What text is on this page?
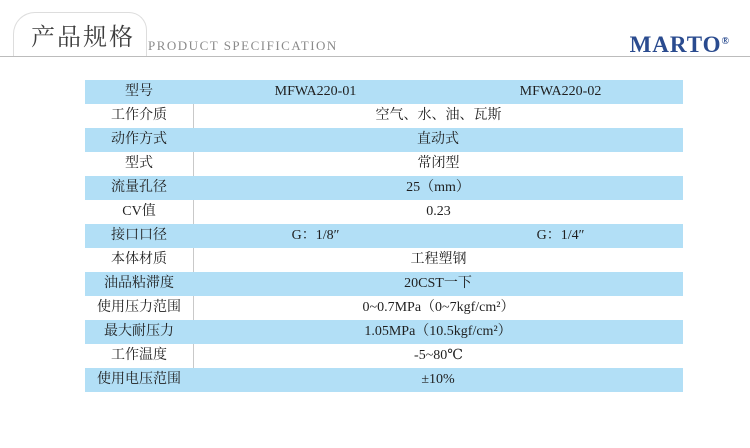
产品规格 PRODUCT SPECIFICATION	MARTO®
型号	MFWA220-01	MFWA220-02
工作介质	空气、水、油、瓦斯
动作方式	直动式
型式	常闭型
流量孔径	25（mm）
CV值	0.23
接口口径	G：1/8″	G：1/4″
本体材质	工程塑钢
油品粘滞度	20CST一下
使用压力范围	0~0.7MPa（0~7kgf/cm²）
最大耐压力	1.05MPa（10.5kgf/cm²）
工作温度	-5~80℃
使用电压范围	±10%
